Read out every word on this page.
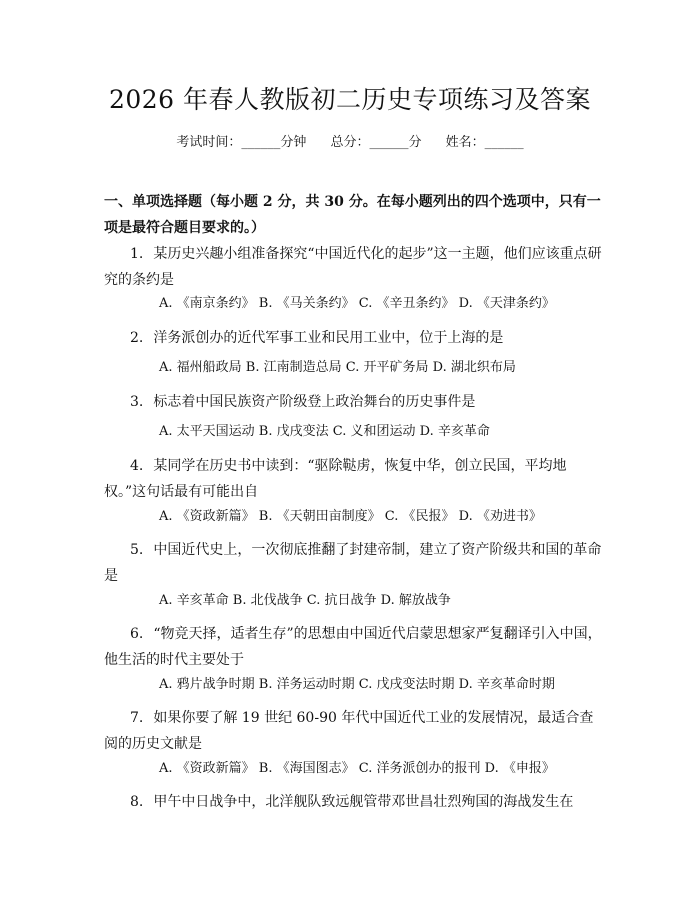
2026 年春人教版初二历史专项练习及答案
考试时间：______分钟 总分：______分 姓名：______

一、单项选择题（每小题 2 分，共 30 分。在每小题列出的四个选项中，只有一项是最符合题目要求的。）

1. 某历史兴趣小组准备探究“中国近代化的起步”这一主题，他们应该重点研究的条约是

A. 《南京条约》 B. 《马关条约》 C. 《辛丑条约》 D. 《天津条约》

2. 洋务派创办的近代军事工业和民用工业中，位于上海的是

A. 福州船政局 B. 江南制造总局 C. 开平矿务局 D. 湖北织布局

3. 标志着中国民族资产阶级登上政治舞台的历史事件是

A. 太平天国运动 B. 戊戌变法 C. 义和团运动 D. 辛亥革命

4. 某同学在历史书中读到：“驱除鞑虏，恢复中华，创立民国，平均地权。”这句话最有可能出自

A. 《资政新篇》 B. 《天朝田亩制度》 C. 《民报》 D. 《劝进书》

5. 中国近代史上，一次彻底推翻了封建帝制，建立了资产阶级共和国的革命是

A. 辛亥革命 B. 北伐战争 C. 抗日战争 D. 解放战争

6. “物竞天择，适者生存”的思想由中国近代启蒙思想家严复翻译引入中国，他生活的时代主要处于

A. 鸦片战争时期 B. 洋务运动时期 C. 戊戌变法时期 D. 辛亥革命时期

7. 如果你要了解 19 世纪 60-90 年代中国近代工业的发展情况，最适合查阅的历史文献是

A. 《资政新篇》 B. 《海国图志》 C. 洋务派创办的报刊 D. 《申报》

8. 甲午中日战争中，北洋舰队致远舰管带邓世昌壮烈殉国的海战发生在
